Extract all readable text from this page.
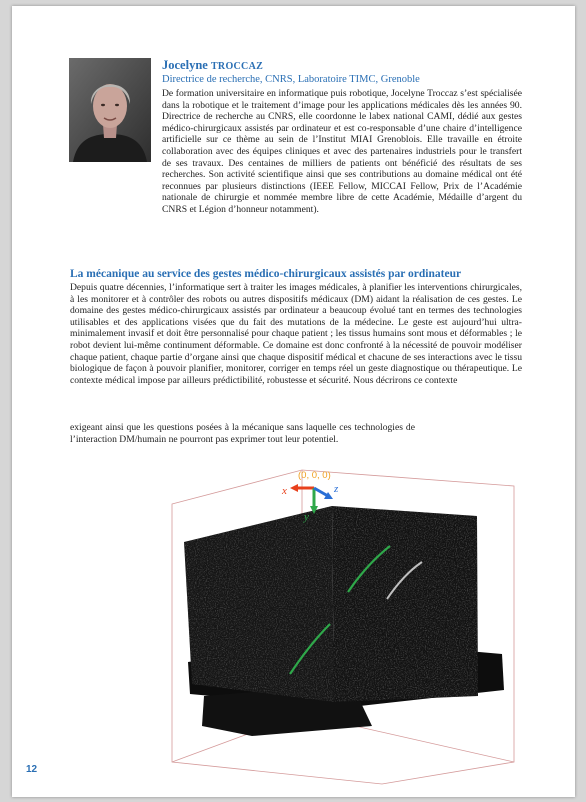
Jocelyne TROCCAZ

Directrice de recherche, CNRS, Laboratoire TIMC, Grenoble

De formation universitaire en informatique puis robotique, Jocelyne Troccaz s’est spécialisée dans la robotique et le traitement d’image pour les applications médicales dès les années 90. Directrice de recherche au CNRS, elle coordonne le labex national CAMI, dédié aux gestes médico-chirurgicaux assistés par ordinateur et est co-responsable d’une chaire d’intelligence artificielle sur ce thème au sein de l’Institut MIAI Grenoblois. Elle travaille en étroite collaboration avec des équipes cliniques et avec des partenaires industriels pour le transfert de ses travaux. Des centaines de milliers de patients ont bénéficié des résultats de ses recherches. Son activité scientifique ainsi que ses contributions au domaine médical ont été reconnues par plusieurs distinctions (IEEE Fellow, MICCAI Fellow, Prix de l’Académie nationale de chirurgie et nommée membre libre de cette Académie, Médaille d’argent du CNRS et Légion d’honneur notamment).

La mécanique au service des gestes médico-chirurgicaux assistés par ordinateur

Depuis quatre décennies, l’informatique sert à traiter les images médicales, à planifier les interventions chirurgicales, à les monitorer et à contrôler des robots ou autres dispositifs médicaux (DM) aidant la réalisation de ces gestes. Le domaine des gestes médico-chirurgicaux assistés par ordinateur a beaucoup évolué tant en termes des technologies utilisables et des applications visées que du fait des mutations de la médecine. Le geste est aujourd’hui ultra-minimalement invasif et doit être personnalisé pour chaque patient ; les tissus humains sont mous et déformables ; le robot devient lui-même continument déformable. Ce domaine est donc confronté à la nécessité de pouvoir modéliser chaque patient, chaque partie d’organe ainsi que chaque dispositif médical et chacune de ses interactions avec le tissu biologique de façon à pouvoir planifier, monitorer, corriger en temps réel un geste diagnostique ou thérapeutique. Le contexte médical impose par ailleurs prédictibilité, robustesse et sécurité. Nous décrirons ce contexte

exigeant ainsi que les questions posées à la mécanique sans laquelle ces technologies de l’interaction DM/humain ne pourront pas exprimer tout leur potentiel.

x
y
z
(0, 0, 0)
12
